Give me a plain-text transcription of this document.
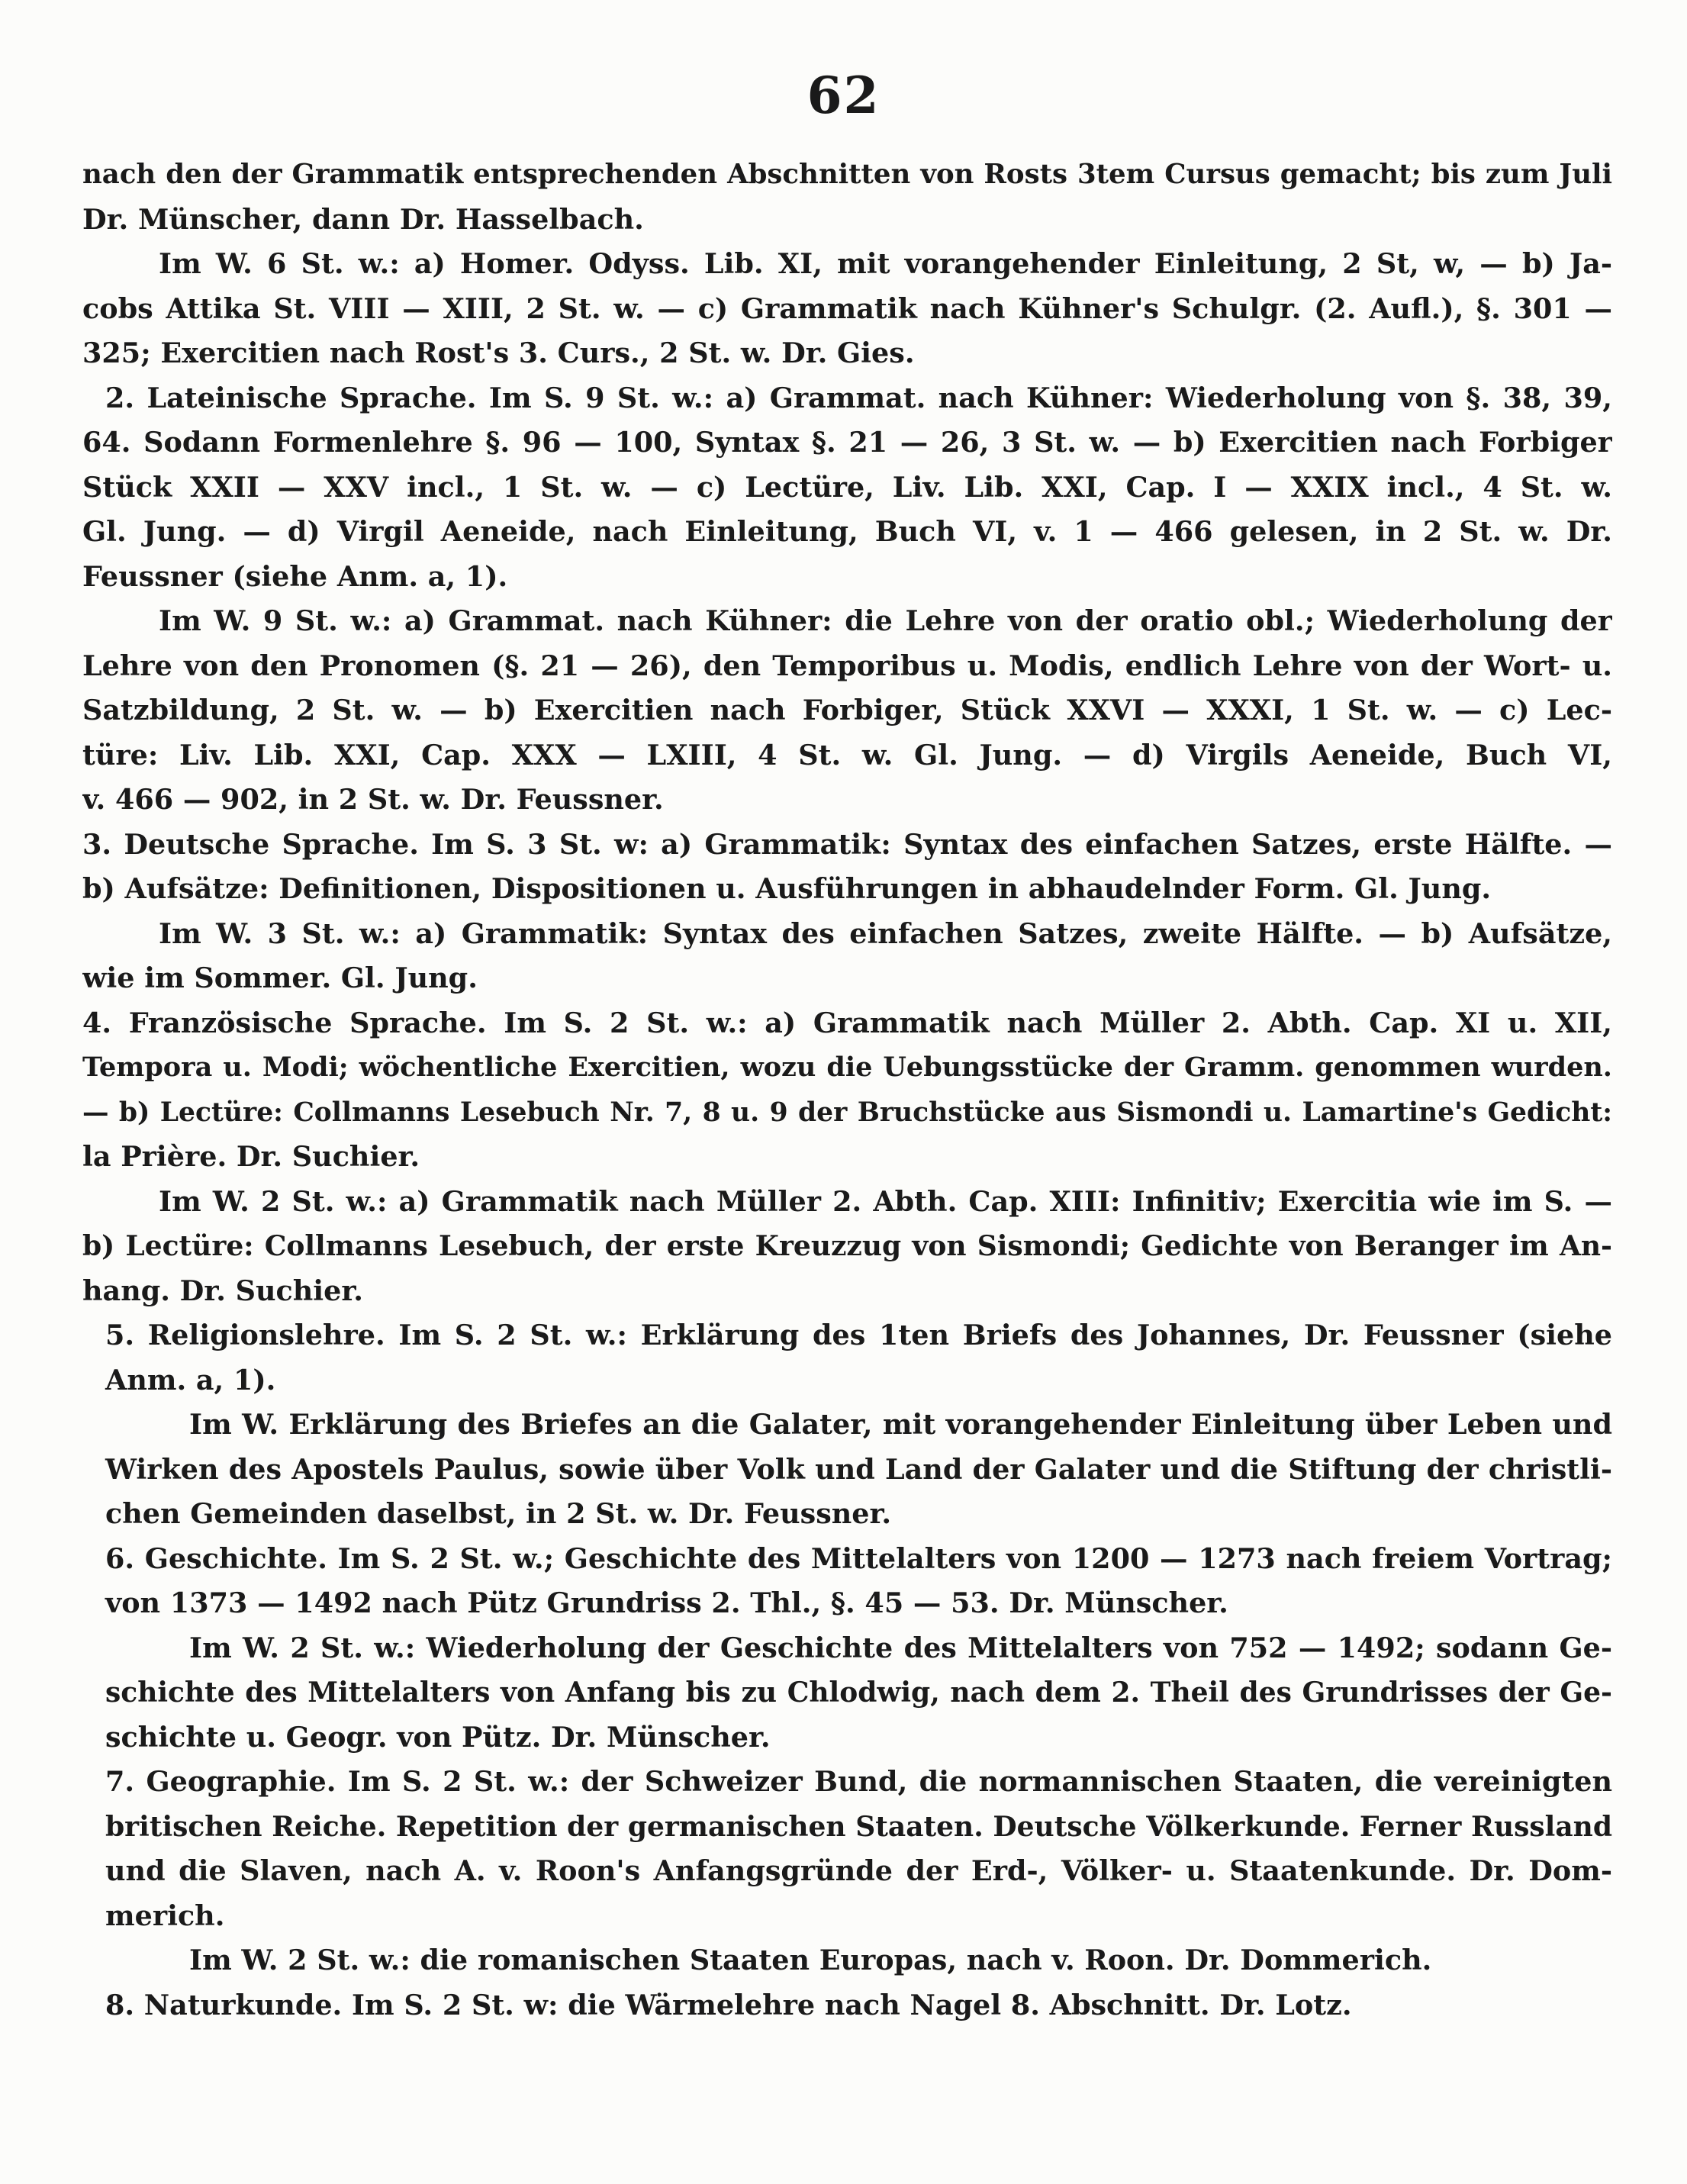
62
nach den der Grammatik entsprechenden Abschnitten von Rosts 3tem Cursus gemacht; bis zum Juli
Dr. Münscher, dann Dr. Hasselbach.
Im W. 6 St. w.: a) Homer. Odyss. Lib. XI, mit vorangehender Einleitung, 2 St, w, — b) Ja-
cobs Attika St. VIII — XIII, 2 St. w. — c) Grammatik nach Kühner's Schulgr. (2. Aufl.), §. 301 —
325; Exercitien nach Rost's 3. Curs., 2 St. w. Dr. Gies.
2. Lateinische Sprache. Im S. 9 St. w.: a) Grammat. nach Kühner: Wiederholung von §. 38, 39,
64. Sodann Formenlehre §. 96 — 100, Syntax §. 21 — 26, 3 St. w. — b) Exercitien nach Forbiger
Stück XXII — XXV incl., 1 St. w. — c) Lectüre, Liv. Lib. XXI, Cap. I — XXIX incl., 4 St. w.
Gl. Jung. — d) Virgil Aeneide, nach Einleitung, Buch VI, v. 1 — 466 gelesen, in 2 St. w. Dr.
Feussner (siehe Anm. a, 1).
Im W. 9 St. w.: a) Grammat. nach Kühner: die Lehre von der oratio obl.; Wiederholung der
Lehre von den Pronomen (§. 21 — 26), den Temporibus u. Modis, endlich Lehre von der Wort- u.
Satzbildung, 2 St. w. — b) Exercitien nach Forbiger, Stück XXVI — XXXI, 1 St. w. — c) Lec-
türe: Liv. Lib. XXI, Cap. XXX — LXIII, 4 St. w. Gl. Jung. — d) Virgils Aeneide, Buch VI,
v. 466 — 902, in 2 St. w. Dr. Feussner.
3. Deutsche Sprache. Im S. 3 St. w: a) Grammatik: Syntax des einfachen Satzes, erste Hälfte. —
b) Aufsätze: Definitionen, Dispositionen u. Ausführungen in abhaudelnder Form. Gl. Jung.
Im W. 3 St. w.: a) Grammatik: Syntax des einfachen Satzes, zweite Hälfte. — b) Aufsätze,
wie im Sommer. Gl. Jung.
4. Französische Sprache. Im S. 2 St. w.: a) Grammatik nach Müller 2. Abth. Cap. XI u. XII,
Tempora u. Modi; wöchentliche Exercitien, wozu die Uebungsstücke der Gramm. genommen wurden.
— b) Lectüre: Collmanns Lesebuch Nr. 7, 8 u. 9 der Bruchstücke aus Sismondi u. Lamartine's Gedicht:
la Prière. Dr. Suchier.
Im W. 2 St. w.: a) Grammatik nach Müller 2. Abth. Cap. XIII: Infinitiv; Exercitia wie im S. —
b) Lectüre: Collmanns Lesebuch, der erste Kreuzzug von Sismondi; Gedichte von Beranger im An-
hang. Dr. Suchier.
5. Religionslehre. Im S. 2 St. w.: Erklärung des 1ten Briefs des Johannes, Dr. Feussner (siehe
Anm. a, 1).
Im W. Erklärung des Briefes an die Galater, mit vorangehender Einleitung über Leben und
Wirken des Apostels Paulus, sowie über Volk und Land der Galater und die Stiftung der christli-
chen Gemeinden daselbst, in 2 St. w. Dr. Feussner.
6. Geschichte. Im S. 2 St. w.; Geschichte des Mittelalters von 1200 — 1273 nach freiem Vortrag;
von 1373 — 1492 nach Pütz Grundriss 2. Thl., §. 45 — 53. Dr. Münscher.
Im W. 2 St. w.: Wiederholung der Geschichte des Mittelalters von 752 — 1492; sodann Ge-
schichte des Mittelalters von Anfang bis zu Chlodwig, nach dem 2. Theil des Grundrisses der Ge-
schichte u. Geogr. von Pütz. Dr. Münscher.
7. Geographie. Im S. 2 St. w.: der Schweizer Bund, die normannischen Staaten, die vereinigten
britischen Reiche. Repetition der germanischen Staaten. Deutsche Völkerkunde. Ferner Russland
und die Slaven, nach A. v. Roon's Anfangsgründe der Erd-, Völker- u. Staatenkunde. Dr. Dom-
merich.
Im W. 2 St. w.: die romanischen Staaten Europas, nach v. Roon. Dr. Dommerich.
8. Naturkunde. Im S. 2 St. w: die Wärmelehre nach Nagel 8. Abschnitt. Dr. Lotz.
